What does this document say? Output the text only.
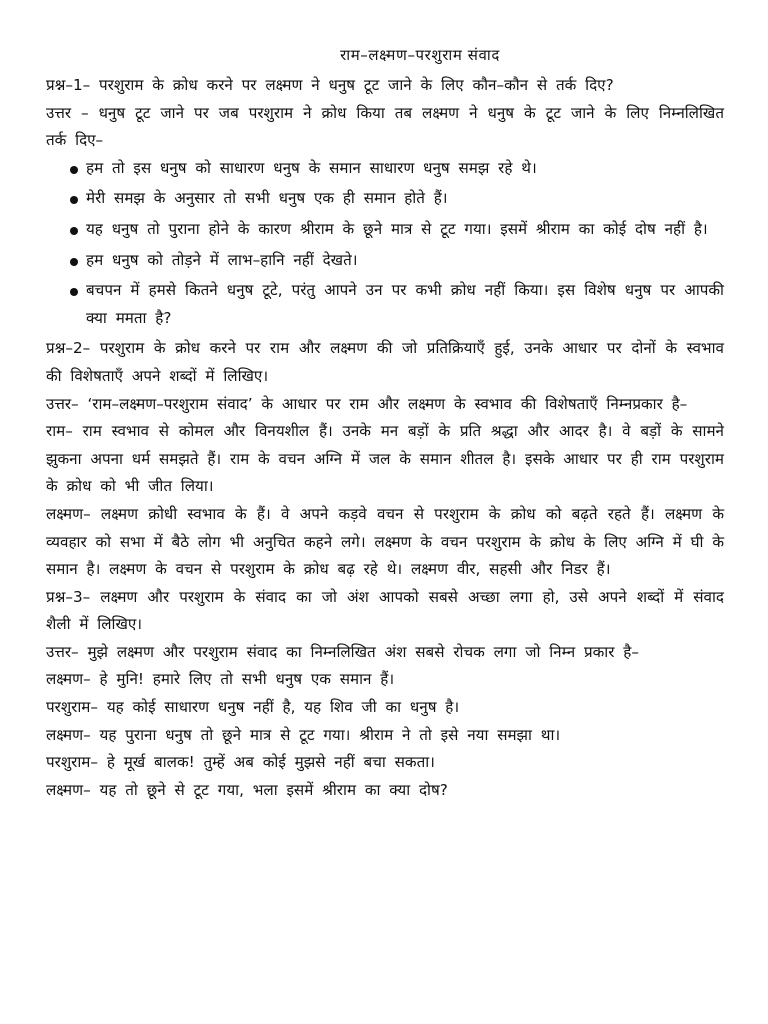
राम–लक्ष्मण–परशुराम संवाद

प्रश्न–1– परशुराम के क्रोध करने पर लक्ष्मण ने धनुष टूट जाने के लिए कौन–कौन से तर्क दिए?

उत्तर – धनुष टूट जाने पर जब परशुराम ने क्रोध किया तब लक्ष्मण ने धनुष के टूट जाने के लिए निम्नलिखित तर्क दिए–

हम तो इस धनुष को साधारण धनुष के समान साधारण धनुष समझ रहे थे।
मेरी समझ के अनुसार तो सभी धनुष एक ही समान होते हैं।
यह धनुष तो पुराना होने के कारण श्रीराम के छूने मात्र से टूट गया। इसमें श्रीराम का कोई दोष नहीं है।
हम धनुष को तोड़ने में लाभ–हानि नहीं देखते।
बचपन में हमसे कितने धनुष टूटे, परंतु आपने उन पर कभी क्रोध नहीं किया। इस विशेष धनुष पर आपकी क्या ममता है?

प्रश्न–2– परशुराम के क्रोध करने पर राम और लक्ष्मण की जो प्रतिक्रियाएँ हुई, उनके आधार पर दोनों के स्वभाव की विशेषताएँ अपने शब्दों में लिखिए।

उत्तर– ‘राम–लक्ष्मण–परशुराम संवाद’ के आधार पर राम और लक्ष्मण के स्वभाव की विशेषताएँ निम्नप्रकार है–

राम– राम स्वभाव से कोमल और विनयशील हैं। उनके मन बड़ों के प्रति श्रद्धा और आदर है। वे बड़ों के सामने झुकना अपना धर्म समझते हैं। राम के वचन अग्नि में जल के समान शीतल है। इसके आधार पर ही राम परशुराम के क्रोध को भी जीत लिया।

लक्ष्मण– लक्ष्मण क्रोधी स्वभाव के हैं। वे अपने कड़वे वचन से परशुराम के क्रोध को बढ़ते रहते हैं। लक्ष्मण के व्यवहार को सभा में बैठे लोग भी अनुचित कहने लगे। लक्ष्मण के वचन परशुराम के क्रोध के लिए अग्नि में घी के समान है। लक्ष्मण के वचन से परशुराम के क्रोध बढ़ रहे थे। लक्ष्मण वीर, सहसी और निडर हैं।

प्रश्न–3– लक्ष्मण और परशुराम के संवाद का जो अंश आपको सबसे अच्छा लगा हो, उसे अपने शब्दों में संवाद शैली में लिखिए।

उत्तर– मुझे लक्ष्मण और परशुराम संवाद का निम्नलिखित अंश सबसे रोचक लगा जो निम्न प्रकार है–

लक्ष्मण– हे मुनि! हमारे लिए तो सभी धनुष एक समान हैं।

परशुराम– यह कोई साधारण धनुष नहीं है, यह शिव जी का धनुष है।

लक्ष्मण– यह पुराना धनुष तो छूने मात्र से टूट गया। श्रीराम ने तो इसे नया समझा था।

परशुराम– हे मूर्ख बालक! तुम्हें अब कोई मुझसे नहीं बचा सकता।

लक्ष्मण– यह तो छूने से टूट गया, भला इसमें श्रीराम का क्या दोष?
